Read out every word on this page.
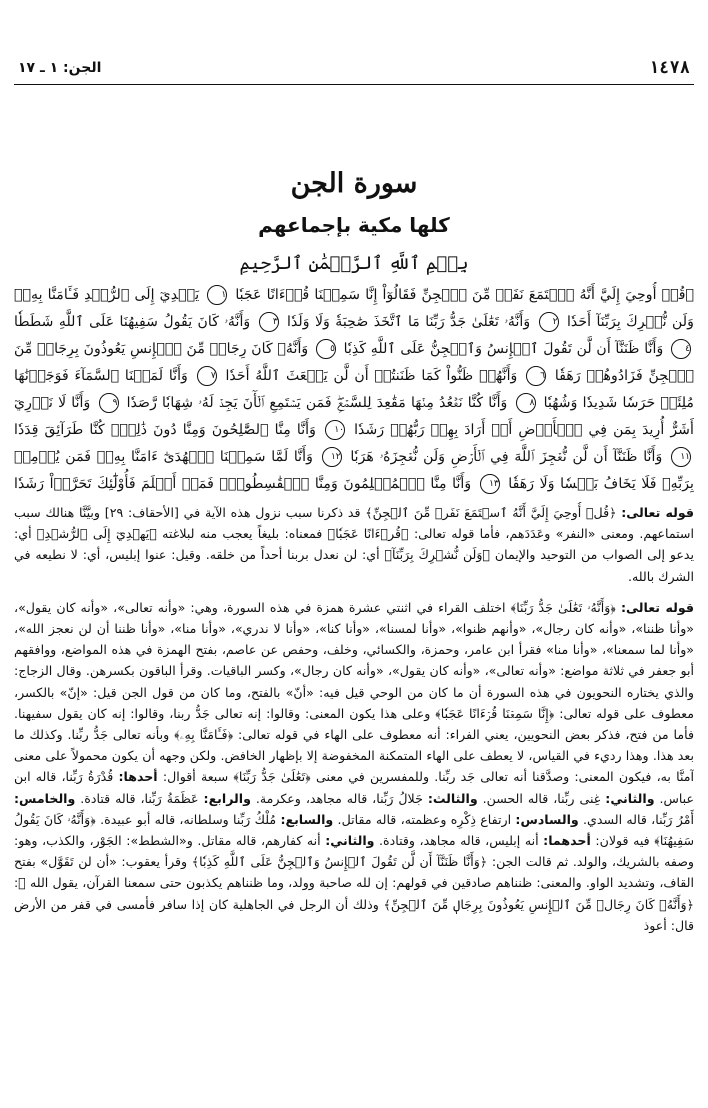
١٤٧٨
الجن: ١ ـ ١٧
سورة الجن
كلها مكية بإجماعهم
بِسۡمِ ٱللَّهِ ٱلرَّحۡمَٰنِ ٱلرَّحِيمِ
﴿قُلۡ أُوحِيَ إِلَيَّ أَنَّهُ ٱسۡتَمَعَ نَفَرٞ مِّنَ ٱلۡجِنِّ فَقَالُوٓاْ إِنَّا سَمِعۡنَا قُرۡءَانًا عَجَبٗا ١ يَهۡدِيٓ إِلَى ٱلرُّشۡدِ فَـَٔامَنَّا بِهِۦۖ وَلَن نُّشۡرِكَ بِرَبِّنَآ أَحَدٗا ٢ وَأَنَّهُۥ تَعَٰلَىٰ جَدُّ رَبِّنَا مَا ٱتَّخَذَ صَٰحِبَةٗ وَلَا وَلَدٗا ٣ وَأَنَّهُۥ كَانَ يَقُولُ سَفِيهُنَا عَلَى ٱللَّهِ شَطَطٗا ٤ وَأَنَّا ظَنَنَّآ أَن لَّن تَقُولَ ٱلۡإِنسُ وَٱلۡجِنُّ عَلَى ٱللَّهِ كَذِبٗا ٥ وَأَنَّهُۥ كَانَ رِجَالٞ مِّنَ ٱلۡإِنسِ يَعُوذُونَ بِرِجَالٖ مِّنَ ٱلۡجِنِّ فَزَادُوهُمۡ رَهَقٗا ٦ وَأَنَّهُمۡ ظَنُّواْ كَمَا ظَنَنتُمۡ أَن لَّن يَبۡعَثَ ٱللَّهُ أَحَدٗا ٧ وَأَنَّا لَمَسۡنَا ٱلسَّمَآءَ فَوَجَدۡنَٰهَا مُلِئَتۡ حَرَسٗا شَدِيدٗا وَشُهُبٗا ٨ وَأَنَّا كُنَّا نَقۡعُدُ مِنۡهَا مَقَٰعِدَ لِلسَّمۡعِۖ فَمَن يَسۡتَمِعِ ٱلۡأٓنَ يَجِدۡ لَهُۥ شِهَابٗا رَّصَدٗا ٩ وَأَنَّا لَا نَدۡرِيٓ أَشَرٌّ أُرِيدَ بِمَن فِي ٱلۡأَرۡضِ أَمۡ أَرَادَ بِهِمۡ رَبُّهُمۡ رَشَدٗا ١٠ وَأَنَّا مِنَّا ٱلصَّٰلِحُونَ وَمِنَّا دُونَ ذَٰلِكَۖ كُنَّا طَرَآئِقَ قِدَدٗا ١١ وَأَنَّا ظَنَنَّآ أَن لَّن نُّعۡجِزَ ٱللَّهَ فِي ٱلۡأَرۡضِ وَلَن نُّعۡجِزَهُۥ هَرَبٗا ١٢ وَأَنَّا لَمَّا سَمِعۡنَا ٱلۡهُدَىٰٓ ءَامَنَّا بِهِۦۖ فَمَن يُؤۡمِنۢ بِرَبِّهِۦ فَلَا يَخَافُ بَخۡسٗا وَلَا رَهَقٗا ١٣ وَأَنَّا مِنَّا ٱلۡمُسۡلِمُونَ وَمِنَّا ٱلۡقَٰسِطُونَۖ فَمَنۡ أَسۡلَمَ فَأُوْلَٰٓئِكَ تَحَرَّوۡاْ رَشَدٗا

قوله تعالى: ﴿قُلۡ أُوحِيَ إِلَيَّ أَنَّهُ ٱسۡتَمَعَ نَفَرٞ مِّنَ ٱلۡجِنِّ﴾ قد ذكرنا سبب نزول هذه الآية في [الأحقاف: ٢٩] وبيَّنَّا هنالك سبب استماعهم. ومعنى «النفر» وعَدَدَهم، فأما قوله تعالى: ﴿قُرۡءَانًا عَجَبٗا﴾ فمعناه: بليغاً يعجب منه لبلاغته ﴿يَهۡدِيٓ إِلَى ٱلرُّشۡدِ﴾ أي: يدعو إلى الصواب من التوحيد والإيمان ﴿وَلَن نُّشۡرِكَ بِرَبِّنَآ﴾ أي: لن نعدل بربنا أحداً من خلقه. وقيل: عنوا إبليس، أي: لا نطيعه في الشرك بالله.

قوله تعالى: ﴿وَأَنَّهُۥ تَعَٰلَىٰ جَدُّ رَبِّنَا﴾ اختلف القراء في اثنتي عشرة همزة في هذه السورة، وهي: «وأنه تعالى»، «وأنه كان يقول»، «وأنا ظننا»، «وأنه كان رجال»، «وأنهم ظنوا»، «وأنا لمسنا»، «وأنا كنا»، «وأنا لا ندري»، «وأنا منا»، «وأنا ظننا أن لن نعجز الله»، «وأنا لما سمعنا»، «وأنا منا» فقرأ ابن عامر، وحمزة، والكسائي، وخلف، وحفص عن عاصم، بفتح الهمزة في هذه المواضع، ووافقهم أبو جعفر في ثلاثة مواضع: «وأنه تعالى»، «وأنه كان يقول»، «وأنه كان رجال»، وكسر الباقيات. وقرأ الباقون بكسرهن. وقال الزجاج: والذي يختاره النحويون في هذه السورة أن ما كان من الوحي قيل فيه: «أنّ» بالفتح، وما كان من قول الجن قيل: «إنّ» بالكسر، معطوف على قوله تعالى: ﴿إِنَّا سَمِعۡنَا قُرۡءَانًا عَجَبٗا﴾ وعلى هذا يكون المعنى: وقالوا: إنه تعالى جَدُّ ربنا، وقالوا: إنه كان يقول سفيهنا. فأما من فتح، فذكر بعض النحويين، يعني الفراء: أنه معطوف على الهاء في قوله تعالى: ﴿فَـَٔامَنَّا بِهِۦ﴾ وبأنه تعالى جَدُّ ربِّنا. وكذلك ما بعد هذا. وهذا رديء في القياس، لا يعطف على الهاء المتمكنة المخفوضة إلا بإظهار الخافض. ولكن وجهه أن يكون محمولاً على معنى آمنَّا به، فيكون المعنى: وصدَّقنا أنه تعالى جَد ربِّنا. وللمفسرين في معنى ﴿تَعَٰلَىٰ جَدُّ رَبِّنَا﴾ سبعة أقوال: أحدها: قُدْرَةُ رَبِّنا، قاله ابن عباس. والثاني: غِنى ربِّنا، قاله الحسن. والثالث: جَلالُ رَبِّنا، قاله مجاهد، وعكرمة. والرابع: عَظَمَةُ رَبِّنا، قاله قتادة. والخامس: أَمْرُ رَبِّنا، قاله السدي. والسادس: ارتفاع ذِكْرِه وعظمته، قاله مقاتل. والسابع: مُلْكُ رَبِّنا وسلطانه، قاله أبو عبيدة. ﴿وَأَنَّهُۥ كَانَ يَقُولُ سَفِيهُنَا﴾ فيه قولان: أحدهما: أنه إبليس، قاله مجاهد، وقتادة. والثاني: أنه كفارهم، قاله مقاتل. و«الشطط»: الجَوْر، والكذب، وهو: وصفه بالشريك، والولد. ثم قالت الجن: ﴿وَأَنَّا ظَنَنَّآ أَن لَّن تَقُولَ ٱلۡإِنسُ وَٱلۡجِنُّ عَلَى ٱللَّهِ كَذِبٗا﴾ وقرأ يعقوب: «أن لن تَقَوَّل» بفتح القاف، وتشديد الواو. والمعنى: ظنناهم صادقين في قولهم: إن لله صاحبة وولد، وما ظنناهم يكذبون حتى سمعنا القرآن، يقول الله ﷻ: ﴿وَأَنَّهُۥ كَانَ رِجَالٞ مِّنَ ٱلۡإِنسِ يَعُوذُونَ بِرِجَالٖ مِّنَ ٱلۡجِنِّ﴾ وذلك أن الرجل في الجاهلية كان إذا سافر فأمسى في قفر من الأرض قال: أعوذ
